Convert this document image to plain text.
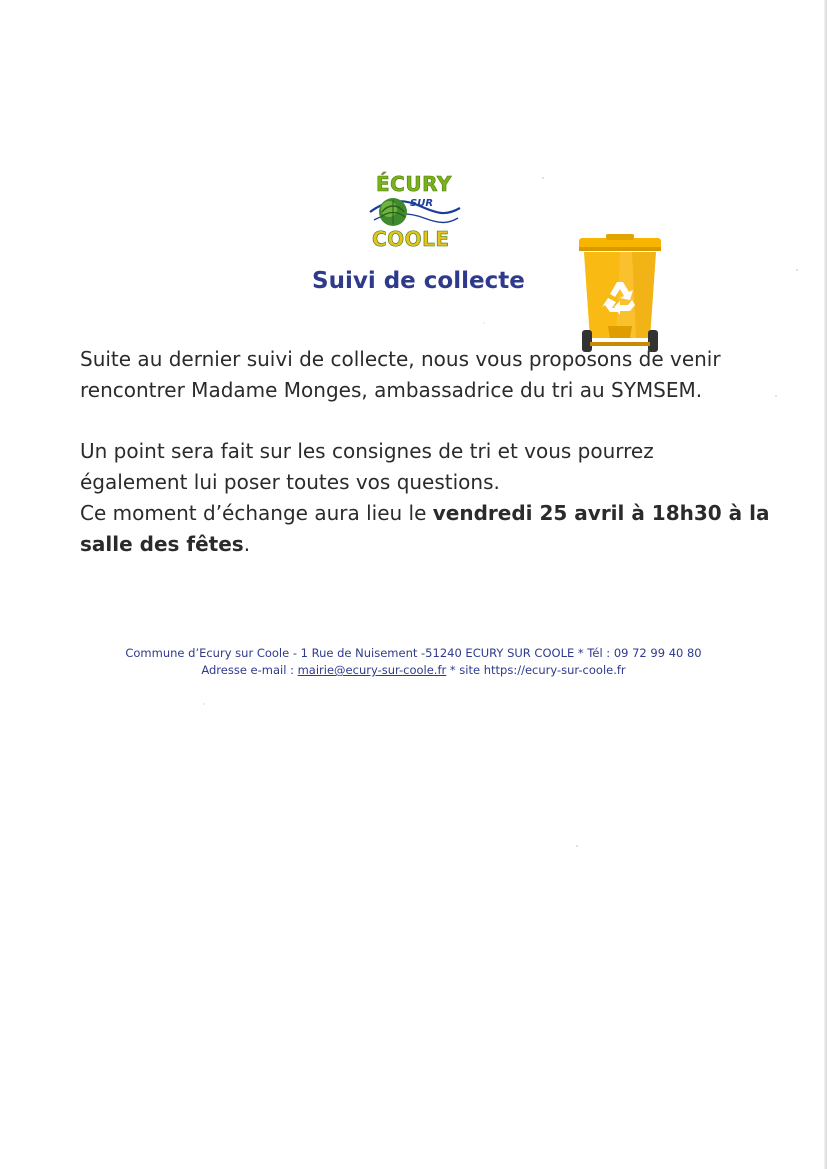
ÉCURY
SUR
COOLE
Suivi de collecte
Suite au dernier suivi de collecte, nous vous proposons de venir
rencontrer Madame Monges, ambassadrice du tri au SYMSEM.
Un point sera fait sur les consignes de tri et vous pourrez
également lui poser toutes vos questions.
Ce moment d’échange aura lieu le vendredi 25 avril à 18h30 à la
salle des fêtes.
Commune d’Ecury sur Coole - 1 Rue de Nuisement -51240 ECURY SUR COOLE * Tél : 09 72 99 40 80
Adresse e-mail : mairie@ecury-sur-coole.fr * site https://ecury-sur-coole.fr
